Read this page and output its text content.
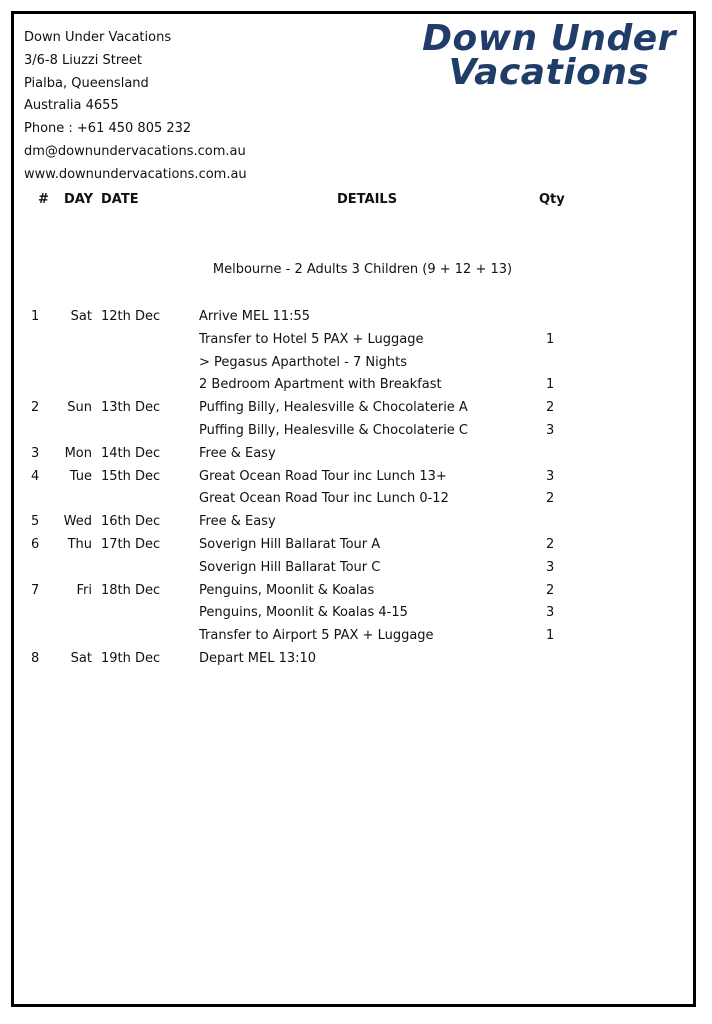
Down Under Vacations
3/6-8 Liuzzi Street
Pialba, Queensland
Australia 4655
Phone : +61 450 805 232
dm@downundervacations.com.au
www.downundervacations.com.au
Down Under
Vacations
# DAY DATE	DETAILS	Qty
Melbourne - 2 Adults 3 Children (9 + 12 + 13)
1 Sat 12th Dec	Arrive MEL 11:55
Transfer to Hotel 5 PAX + Luggage	1
> Pegasus Aparthotel - 7 Nights
2 Bedroom Apartment with Breakfast	1
2 Sun 13th Dec	Puffing Billy, Healesville & Chocolaterie A	2
Puffing Billy, Healesville & Chocolaterie C	3
3 Mon 14th Dec	Free & Easy
4 Tue 15th Dec	Great Ocean Road Tour inc Lunch 13+	3
Great Ocean Road Tour inc Lunch 0-12	2
5 Wed 16th Dec	Free & Easy
6 Thu 17th Dec	Soverign Hill Ballarat Tour A	2
Soverign Hill Ballarat Tour C	3
7	Fri 18th Dec	Penguins, Moonlit & Koalas	2
Penguins, Moonlit & Koalas 4-15	3
Transfer to Airport 5 PAX + Luggage	1
8 Sat 19th Dec	Depart MEL 13:10
